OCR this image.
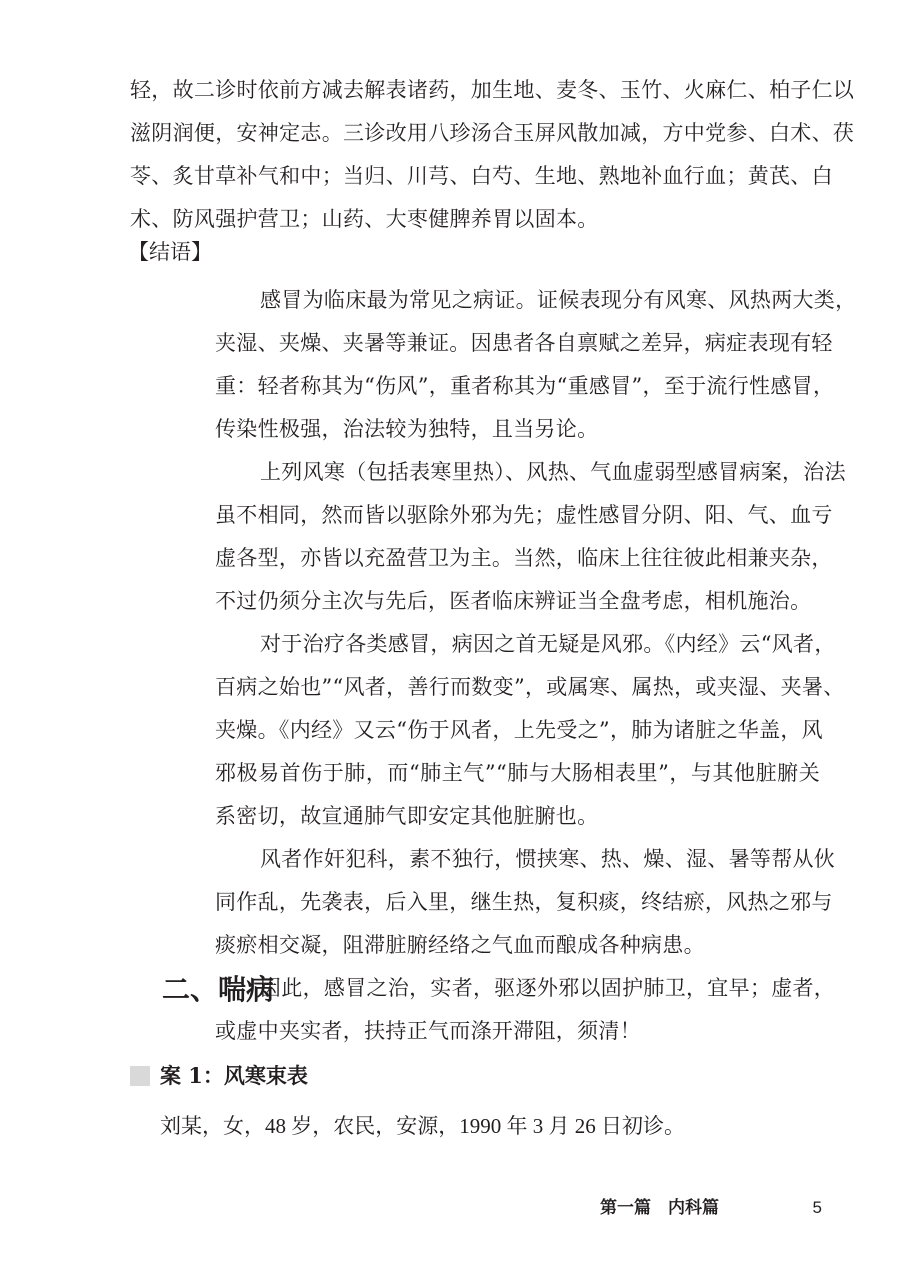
轻，故二诊时依前方减去解表诸药，加生地、麦冬、玉竹、火麻仁、柏子仁以
滋阴润便，安神定志。三诊改用八珍汤合玉屏风散加减，方中党参、白术、茯
苓、炙甘草补气和中；当归、川芎、白芍、生地、熟地补血行血；黄芪、白
术、防风强护营卫；山药、大枣健脾养胃以固本。
【结语】
感冒为临床最为常见之病证。证候表现分有风寒、风热两大类，
夹湿、夹燥、夹暑等兼证。因患者各自禀赋之差异，病症表现有轻
重：轻者称其为“伤风”，重者称其为“重感冒”，至于流行性感冒，
传染性极强，治法较为独特，且当另论。
上列风寒（包括表寒里热）、风热、气血虚弱型感冒病案，治法
虽不相同，然而皆以驱除外邪为先；虚性感冒分阴、阳、气、血亏
虚各型，亦皆以充盈营卫为主。当然，临床上往往彼此相兼夹杂，
不过仍须分主次与先后，医者临床辨证当全盘考虑，相机施治。
对于治疗各类感冒，病因之首无疑是风邪。《内经》云“风者，
百病之始也”“风者，善行而数变”，或属寒、属热，或夹湿、夹暑、
夹燥。《内经》又云“伤于风者，上先受之”，肺为诸脏之华盖，风
邪极易首伤于肺，而“肺主气”“肺与大肠相表里”，与其他脏腑关
系密切，故宣通肺气即安定其他脏腑也。
风者作奸犯科，素不独行，惯挟寒、热、燥、湿、暑等帮从伙
同作乱，先袭表，后入里，继生热，复积痰，终结瘀，风热之邪与
痰瘀相交凝，阻滞脏腑经络之气血而酿成各种病患。
因此，感冒之治，实者，驱逐外邪以固护肺卫，宜早；虚者，
或虚中夹实者，扶持正气而涤开滞阻，须清！
二、喘病
案 1：风寒束表
刘某，女，48 岁，农民，安源，1990 年 3 月 26 日初诊。
第一篇　内科篇	5
